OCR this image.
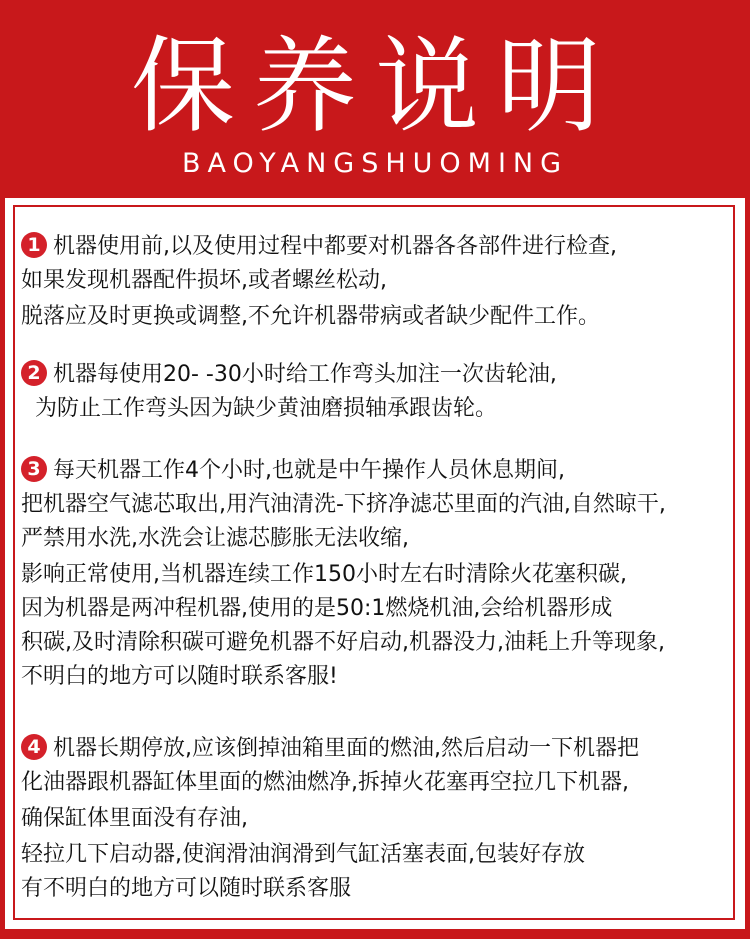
保养说明
BAOYANGSHUOMING
1 机器使用前,以及使用过程中都要对机器各各部件进行检查,
如果发现机器配件损坏,或者螺丝松动,
脱落应及时更换或调整,不允许机器带病或者缺少配件工作。
2 机器每使用20- -30小时给工作弯头加注一次齿轮油,
为防止工作弯头因为缺少黄油磨损轴承跟齿轮。
3 每天机器工作4个小时,也就是中午操作人员休息期间,
把机器空气滤芯取出,用汽油清洗-下挤净滤芯里面的汽油,自然晾干,
严禁用水洗,水洗会让滤芯膨胀无法收缩,
影响正常使用,当机器连续工作150小时左右时清除火花塞积碳,
因为机器是两冲程机器,使用的是50:1燃烧机油,会给机器形成
积碳,及时清除积碳可避免机器不好启动,机器没力,油耗上升等现象,
不明白的地方可以随时联系客服!
4 机器长期停放,应该倒掉油箱里面的燃油,然后启动一下机器把
化油器跟机器缸体里面的燃油燃净,拆掉火花塞再空拉几下机器,
确保缸体里面没有存油,
轻拉几下启动器,使润滑油润滑到气缸活塞表面,包装好存放
有不明白的地方可以随时联系客服
